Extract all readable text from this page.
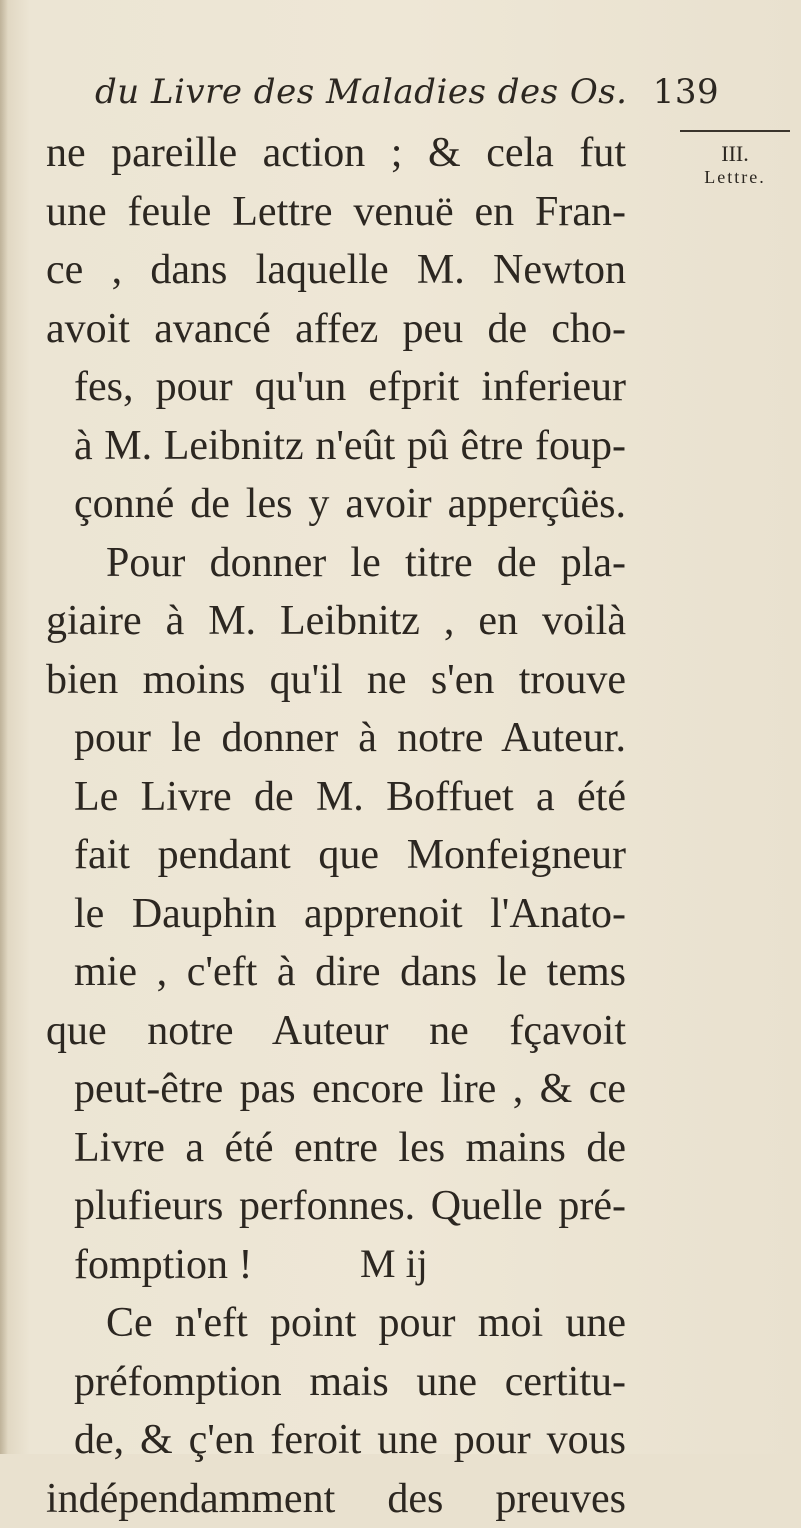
du Livre des Maladies des Os. 139
III.
Lettre.
ne pareille action ; & cela fut
une feule Lettre venuë en Fran-
ce , dans laquelle M. Newton
avoit avancé affez peu de cho-
fes, pour qu'un efprit inferieur
à M. Leibnitz n'eût pû être foup-
çonné de les y avoir apperçûës.
Pour donner le titre de pla-
giaire à M. Leibnitz , en voilà
bien moins qu'il ne s'en trouve
pour le donner à notre Auteur.
Le Livre de M. Boffuet a été
fait pendant que Monfeigneur
le Dauphin apprenoit l'Anato-
mie , c'eft à dire dans le tems
que notre Auteur ne fçavoit
peut-être pas encore lire , & ce
Livre a été entre les mains de
plufieurs perfonnes. Quelle pré-
fomption !
Ce n'eft point pour moi une
préfomption mais une certitu-
de, & ç'en feroit une pour vous
indépendamment des preuves
M ij
